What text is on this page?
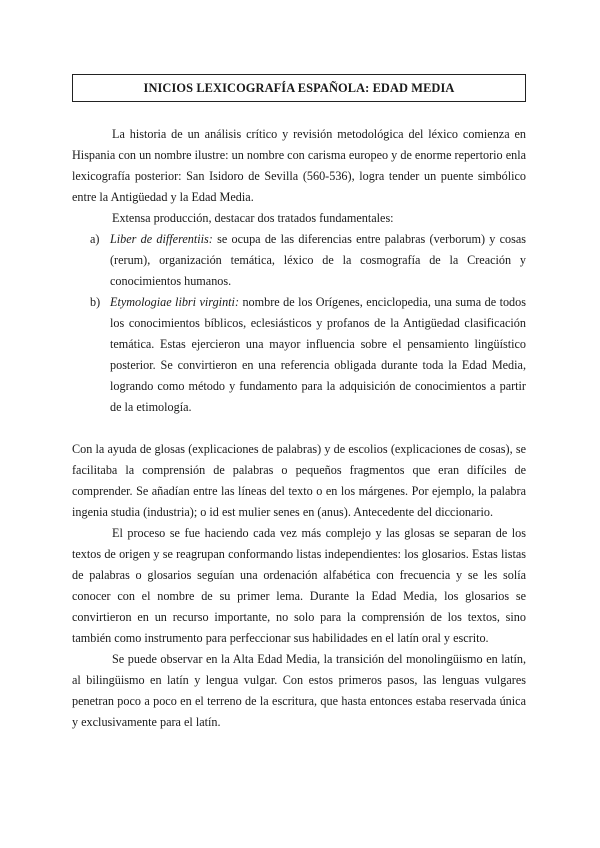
INICIOS LEXICOGRAFÍA ESPAÑOLA: EDAD MEDIA

La historia de un análisis crítico y revisión metodológica del léxico comienza en Hispania con un nombre ilustre: un nombre con carisma europeo y de enorme repertorio enla lexicografía posterior: San Isidoro de Sevilla (560-536), logra tender un puente simbólico entre la Antigüedad y la Edad Media.

Extensa producción, destacar dos tratados fundamentales:

a) Liber de differentiis: se ocupa de las diferencias entre palabras (verborum) y cosas (rerum), organización temática, léxico de la cosmografía de la Creación y conocimientos humanos.
b) Etymologiae libri virginti: nombre de los Orígenes, enciclopedia, una suma de todos los conocimientos bíblicos, eclesiásticos y profanos de la Antigüedad clasificación temática. Estas ejercieron una mayor influencia sobre el pensamiento lingüístico posterior. Se convirtieron en una referencia obligada durante toda la Edad Media, logrando como método y fundamento para la adquisición de conocimientos a partir de la etimología.

Con la ayuda de glosas (explicaciones de palabras) y de escolios (explicaciones de cosas), se facilitaba la comprensión de palabras o pequeños fragmentos que eran difíciles de comprender. Se añadían entre las líneas del texto o en los márgenes. Por ejemplo, la palabra ingenia studia (industria); o id est mulier senes en (anus). Antecedente del diccionario.

El proceso se fue haciendo cada vez más complejo y las glosas se separan de los textos de origen y se reagrupan conformando listas independientes: los glosarios. Estas listas de palabras o glosarios seguían una ordenación alfabética con frecuencia y se les solía conocer con el nombre de su primer lema. Durante la Edad Media, los glosarios se convirtieron en un recurso importante, no solo para la comprensión de los textos, sino también como instrumento para perfeccionar sus habilidades en el latín oral y escrito.

Se puede observar en la Alta Edad Media, la transición del monolingüismo en latín, al bilingüismo en latín y lengua vulgar. Con estos primeros pasos, las lenguas vulgares penetran poco a poco en el terreno de la escritura, que hasta entonces estaba reservada única y exclusivamente para el latín.
